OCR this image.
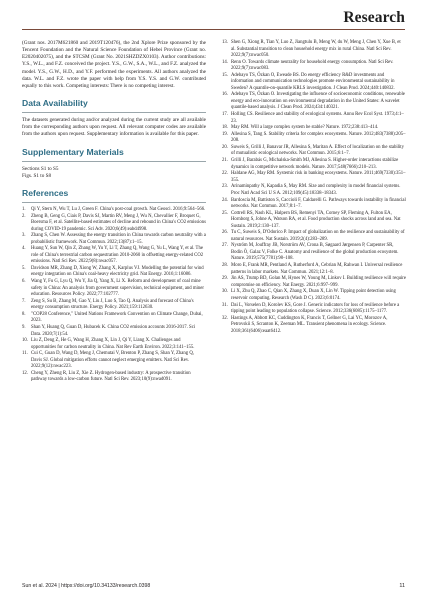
Research

(Grant nos. 2017M621860 and 2019T120476), the 2nd Xplore Prize sponsored by the Tencent Foundation and the Natural Science Foundation of Hebei Province (Grant no. E2020402075), and the STCSM (Grant No. 2021SHZDZX0103). Author contributions: Y.S., W.L., and F.Z. conceived the project. Y.S., G.W., S.A., W.L., and F.Z. analyzed the model. Y.S., G.W., H.D., and Y.F. performed the experiments. All authors analyzed the data. W.L. and F.Z. wrote the paper with help from Y.S. Y.S. and G.W. contributed equally to this work. Competing interests: There is no competing interest.

Data Availability

The datasets generated during and/or analyzed during the current study are all available from the corresponding authors upon request. All relevant computer codes are available from the authors upon request. Supplementary information is available for this paper.

Supplementary Materials

Sections S1 to S5

Figs. S1 to S8

References
1. Qi Y, Stern N, Wu T, Lu J, Green F. China's post-coal growth. Nat Geosci. 2016;9:564–566.
2. Zheng B, Geng G, Ciais P, Davis SJ, Martin RV, Meng J, Wu N, Chevallier F, Broquet G, Boersma F, et al. Satellite-based estimates of decline and rebound in China's CO2 emissions during COVID-19 pandemic. Sci Adv. 2020;6(49):eabd4998.
3. Zhang S, Chen W. Assessing the energy transition in China towards carbon neutrality with a probabilistic framework. Nat Commun. 2022;13(87):1–15.
4. Huang Y, Sun W, Qin Z, Zhang W, Yu Y, Li T, Zhang Q, Wang G, Yu L, Wang Y, et al. The role of China's terrestrial carbon sequestration 2010-2060 in offsetting energy-related CO2 emissions. Natl Sci Rev. 2022;9(8):nwac057.
5. Davidson MR, Zhang D, Xiong W, Zhang X, Karplus VJ. Modelling the potential for wind energy integration on China's coal-heavy electricity grid. Nat Energy. 2016;1:16086.
6. Wang Y, Fu G, Lyu Q, Wu Y, Jia Q, Yang X, Li X. Reform and development of coal mine safety in China: An analysis from government supervision, technical equipment, and miner education. Resources Policy. 2022;77:102777.
7. Zeng S, Su B, Zhang M, Gao Y, Liu J, Luo S, Tao Q. Analysis and forecast of China's energy consumption structure. Energy Policy. 2021;159:112630.
8. "COP28 Conference," United Nations Framework Convention on Climate Change, Dubai, 2023.
9. Shan Y, Huang Q, Guan D, Hubacek K. China CO2 emission accounts 2016-2017. Sci Data. 2020;7(1):54.
10. Liu Z, Deng Z, He G, Wang H, Zhang X, Lin J, Qi Y, Liang X. Challenges and opportunities for carbon neutrality in China. Nat Rev Earth Environ. 2022;3:141–155.
11. Cui C, Guan D, Wang D, Meng J, Chemutai V, Brenton P, Zhang S, Shan Y, Zhang Q, Davis SJ. Global mitigation efforts cannot neglect emerging emitters. Natl Sci Rev. 2022;9(12):nwac223.
12. Cheng Y, Zheng R, Liu Z, Xie Z. Hydrogen-based industry: A prospective transition pathway towards a low-carbon future. Natl Sci Rev. 2023;10(9):nwad091.
13. Shen G, Xiong R, Tian Y, Luo Z, Jiangtulu B, Meng W, du W, Meng J, Chen Y, Xue B, et al. Substantial transition to clean household energy mix in rural China. Natl Sci Rev. 2022;9(7):nwac050.
14. Renn O. Towards climate neutrality for household energy consumption. Natl Sci Rev. 2022;9(7):nwac083.
15. Adebayo TS, Özkan O, Eweade BS. Do energy efficiency R&D investments and information and communication technologies promote environmental sustainability in Sweden? A quantile-on-quantile KRLS investigation. J Clean Prod. 2024;440:140832.
16. Adebayo TS, Özkan O. Investigating the influence of socioeconomic conditions, renewable energy and eco-innovation on environmental degradation in the United States: A wavelet quantile-based analysis. J Clean Prod. 2024;434:140321.
17. Holling CS. Resilience and stability of ecological systems. Annu Rev Ecol Syst. 1973;4:1–23.
18. May RM. Will a large complex system be stable? Nature. 1972;238:413–414.
19. Allesina S, Tang S. Stability criteria for complex ecosystems. Nature. 2012;483(7388):205–208.
20. Suweis S, Grilli J, Banavar JR, Allesina S, Maritan A. Effect of localization on the stability of mutualistic ecological networks. Nat Commun. 2015;6:1–7.
21. Grilli J, Barabás G, Michalska-Smith MJ, Allesina S. Higher-order interactions stabilize dynamics in competitive network models. Nature. 2017;548(7666):210–213.
22. Haldane AG, May RM. Systemic risk in banking ecosystems. Nature. 2011;469(7330):351–355.
23. Arinaminpathy N, Kapadia S, May RM. Size and complexity in model financial systems. Proc Natl Acad Sci U S A. 2012;109(45):18338–18343.
24. Bardoscia M, Battiston S, Caccioli F, Caldarelli G. Pathways towards instability in financial networks. Nat Commun. 2017;8:1–7.
25. Cottrell RS, Nash KL, Halpern BS, Remenyi TA, Corney SP, Fleming A, Fulton EA, Hornborg S, Johne A, Watson RA, et al. Food production shocks across land and sea. Nat Sustain. 2019;2:130–137.
26. Tu C, Suweis S, D'Odorico P. Impact of globalization on the resilience and sustainability of natural resources. Nat Sustain. 2019;2(4):283–289.
27. Nyström M, Jouffray JB, Norström AV, Crona B, Søgaard Jørgensen P, Carpenter SR, Bodin Ö, Galaz V, Folke C. Anatomy and resilience of the global production ecosystem. Nature. 2019;575(7781):98–108.
28. Moro E, Frank MR, Pentland A, Rutherford A, Cebrian M, Rahwan I. Universal resilience patterns in labor markets. Nat Commun. 2021;12:1–8.
29. Jin AS, Trump BD, Golan M, Hynes W, Young M, Linkov I. Building resilience will require compromise on efficiency. Nat Energy. 2021;6:997–999.
30. Li X, Zhu Q, Zhao C, Qian X, Zhang X, Duan X, Lin W. Tipping point detection using reservoir computing. Research (Wash D C). 2023;6:0174.
31. Dai L, Vorselen D, Korolev KS, Gore J. Generic indicators for loss of resilience before a tipping point leading to population collapse. Science. 2012;336(6085):1175–1177.
32. Hastings A, Abbott KC, Cuddington K, Francis T, Gellner G, Lai YC, Morozov A, Petrovskii S, Scranton K, Zeeman ML. Transient phenomena in ecology. Science. 2018;361(6406):eaat6412.
Sun et al. 2024 | https://doi.org/10.34133/research.0398	11
